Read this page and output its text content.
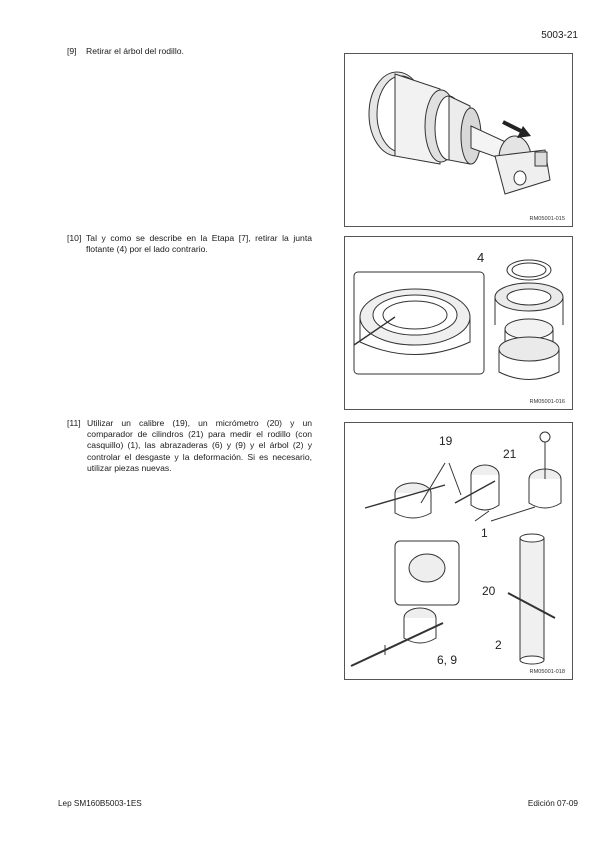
5003-21
[9]	Retirar el árbol del rodillo.
RM05001-015
[10] Tal y como se describe en la Etapa [7], retirar la junta flotante (4) por el lado contrario.
4
RM05001-016
[11] Utilizar un calibre (19), un micrómetro (20) y un comparador de cilindros (21) para medir el rodillo (con casquillo) (1), las abrazaderas (6) y (9) y el árbol (2) y controlar el desgaste y la deformación. Si es necesario, utilizar piezas nuevas.
19
21
1
20
2
6, 9
RM05001-018
Lep SM160B5003-1ES	Edición 07-09
